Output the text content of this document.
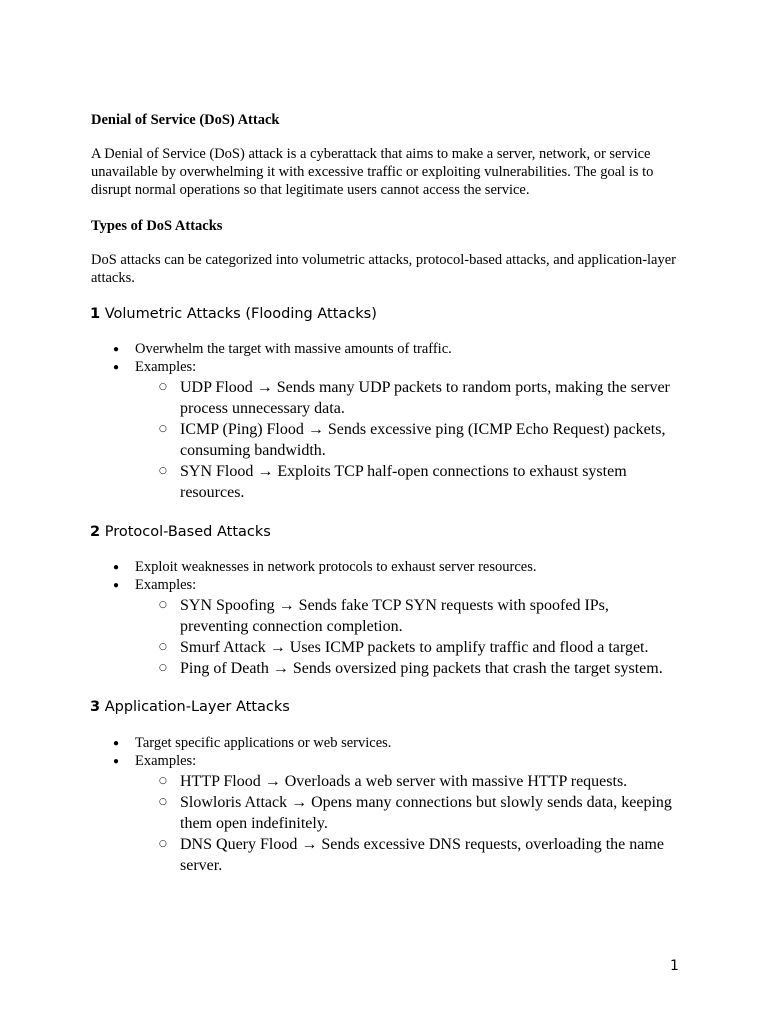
Denial of Service (DoS) Attack

A Denial of Service (DoS) attack is a cyberattack that aims to make a server, network, or service unavailable by overwhelming it with excessive traffic or exploiting vulnerabilities. The goal is to disrupt normal operations so that legitimate users cannot access the service.

Types of DoS Attacks

DoS attacks can be categorized into volumetric attacks, protocol-based attacks, and application-layer attacks.

1 Volumetric Attacks (Flooding Attacks)

● Overwhelm the target with massive amounts of traffic.

● Examples:

○ UDP Flood → Sends many UDP packets to random ports, making the server process unnecessary data.

○ ICMP (Ping) Flood → Sends excessive ping (ICMP Echo Request) packets, consuming bandwidth.

○ SYN Flood → Exploits TCP half-open connections to exhaust system resources.

2 Protocol-Based Attacks

● Exploit weaknesses in network protocols to exhaust server resources.

● Examples:

○ SYN Spoofing → Sends fake TCP SYN requests with spoofed IPs, preventing connection completion.

○ Smurf Attack → Uses ICMP packets to amplify traffic and flood a target.

○ Ping of Death → Sends oversized ping packets that crash the target system.

3 Application-Layer Attacks

● Target specific applications or web services.

● Examples:

○ HTTP Flood → Overloads a web server with massive HTTP requests.

○ Slowloris Attack → Opens many connections but slowly sends data, keeping them open indefinitely.

○ DNS Query Flood → Sends excessive DNS requests, overloading the name server.

1
